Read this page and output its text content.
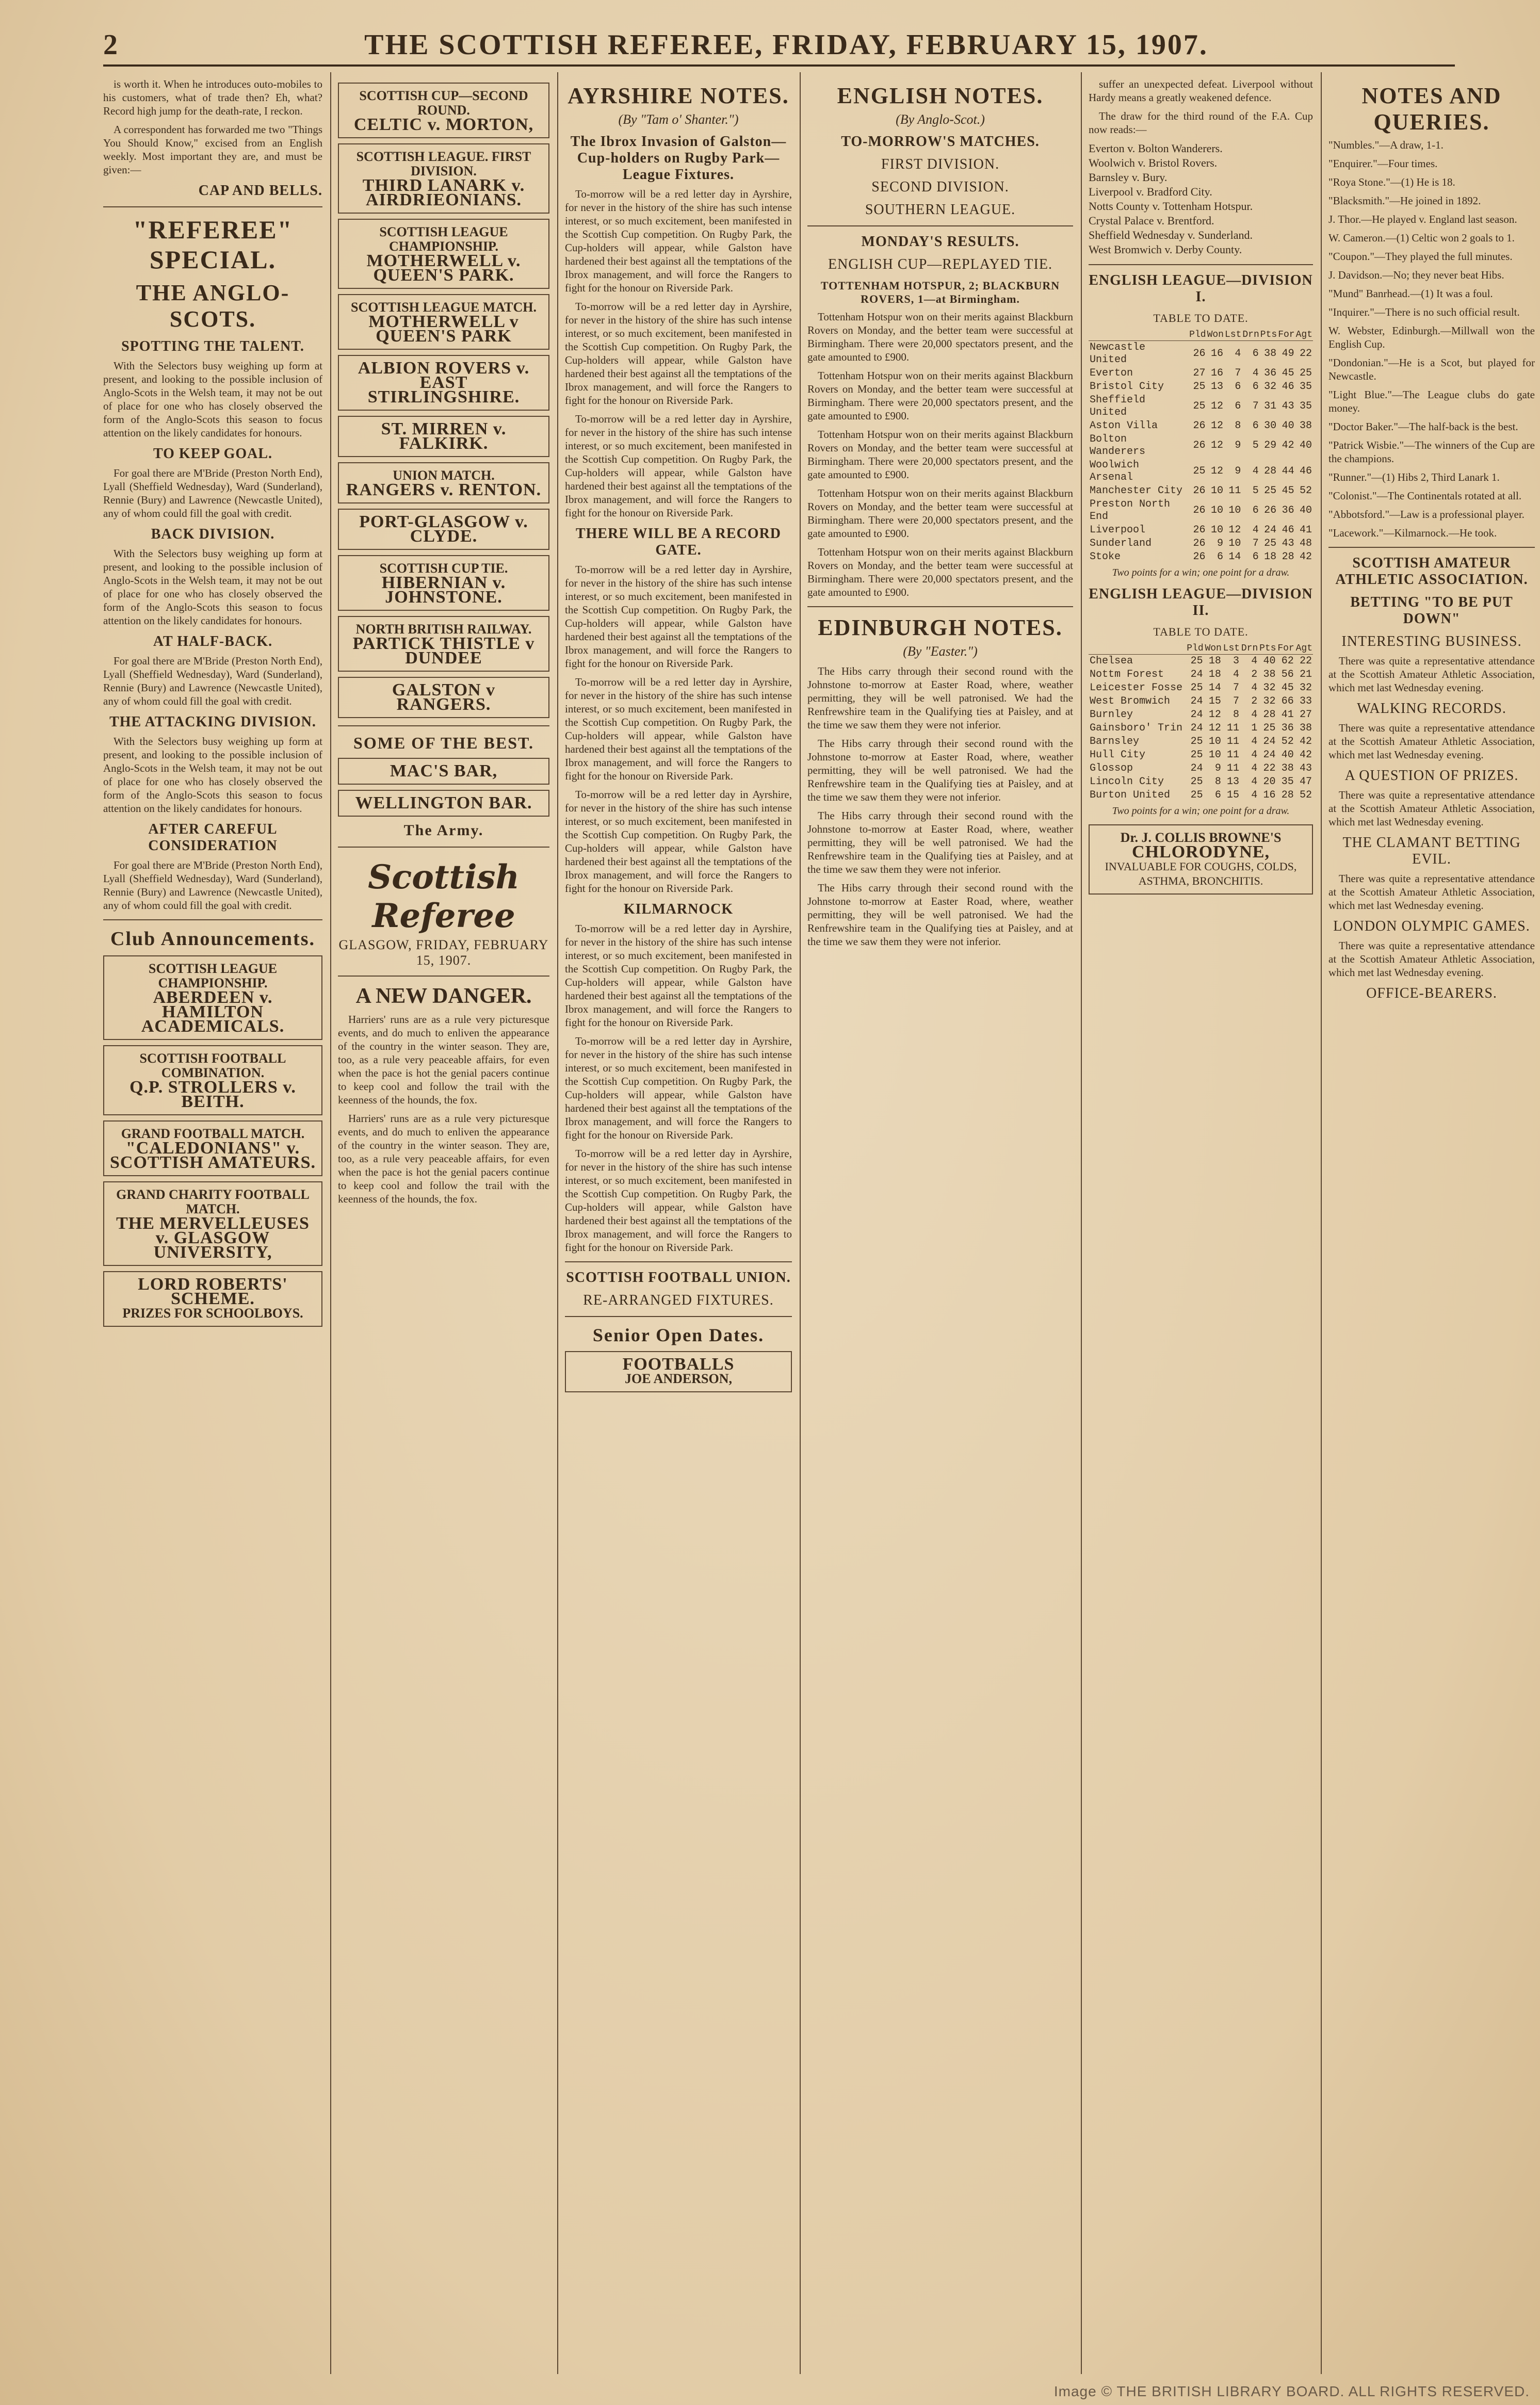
2	THE SCOTTISH REFEREE, FRIDAY, FEBRUARY 15, 1907.

is worth it. When he introduces outo-mobiles to his customers, what of trade then? Eh, what? Record high jump for the death-rate, I reckon.

A correspondent has forwarded me two "Things You Should Know," excised from an English weekly. Most important they are, and must be given:—

CAP AND BELLS.
"REFEREE" SPECIAL.
THE ANGLO-SCOTS.
SPOTTING THE TALENT.

With the Selectors busy weighing up form at present, and looking to the possible inclusion of Anglo-Scots in the Welsh team, it may not be out of place for one who has closely observed the form of the Anglo-Scots this season to focus attention on the likely candidates for honours.

TO KEEP GOAL.

For goal there are M'Bride (Preston North End), Lyall (Sheffield Wednesday), Ward (Sunderland), Rennie (Bury) and Lawrence (Newcastle United), any of whom could fill the goal with credit.

BACK DIVISION.

With the Selectors busy weighing up form at present, and looking to the possible inclusion of Anglo-Scots in the Welsh team, it may not be out of place for one who has closely observed the form of the Anglo-Scots this season to focus attention on the likely candidates for honours.

AT HALF-BACK.

For goal there are M'Bride (Preston North End), Lyall (Sheffield Wednesday), Ward (Sunderland), Rennie (Bury) and Lawrence (Newcastle United), any of whom could fill the goal with credit.

THE ATTACKING DIVISION.

With the Selectors busy weighing up form at present, and looking to the possible inclusion of Anglo-Scots in the Welsh team, it may not be out of place for one who has closely observed the form of the Anglo-Scots this season to focus attention on the likely candidates for honours.

AFTER CAREFUL CONSIDERATION

For goal there are M'Bride (Preston North End), Lyall (Sheffield Wednesday), Ward (Sunderland), Rennie (Bury) and Lawrence (Newcastle United), any of whom could fill the goal with credit.

Club Announcements.
SCOTTISH LEAGUE CHAMPIONSHIP.
ABERDEEN v. HAMILTON ACADEMICALS.
SCOTTISH FOOTBALL COMBINATION.
Q.P. STROLLERS v. BEITH.
GRAND FOOTBALL MATCH.
"CALEDONIANS" v. SCOTTISH AMATEURS.
GRAND CHARITY FOOTBALL MATCH.
THE MERVELLEUSES v. GLASGOW UNIVERSITY,
LORD ROBERTS' SCHEME.
PRIZES FOR SCHOOLBOYS.
SCOTTISH CUP—SECOND ROUND.
CELTIC v. MORTON,
SCOTTISH LEAGUE. FIRST DIVISION.
THIRD LANARK v. AIRDRIEONIANS.
SCOTTISH LEAGUE CHAMPIONSHIP.
MOTHERWELL v. QUEEN'S PARK.
SCOTTISH LEAGUE MATCH.
MOTHERWELL v QUEEN'S PARK
ALBION ROVERS v. EAST STIRLINGSHIRE.
ST. MIRREN v. FALKIRK.
UNION MATCH.
RANGERS v. RENTON.
PORT-GLASGOW v. CLYDE.
SCOTTISH CUP TIE.
HIBERNIAN v. JOHNSTONE.
NORTH BRITISH RAILWAY.
PARTICK THISTLE v DUNDEE
GALSTON v RANGERS.
SOME OF THE BEST.
MAC'S BAR,
WELLINGTON BAR.
The Army.
Scottish Referee
GLASGOW, FRIDAY, FEBRUARY 15, 1907.
A NEW DANGER.

Harriers' runs are as a rule very picturesque events, and do much to enliven the appearance of the country in the winter season. They are, too, as a rule very peaceable affairs, for even when the pace is hot the genial pacers continue to keep cool and follow the trail with the keenness of the hounds, the fox.

Harriers' runs are as a rule very picturesque events, and do much to enliven the appearance of the country in the winter season. They are, too, as a rule very peaceable affairs, for even when the pace is hot the genial pacers continue to keep cool and follow the trail with the keenness of the hounds, the fox.

AYRSHIRE NOTES.
(By "Tam o' Shanter.")
The Ibrox Invasion of Galston—Cup-holders on Rugby Park—League Fixtures.

To-morrow will be a red letter day in Ayrshire, for never in the history of the shire has such intense interest, or so much excitement, been manifested in the Scottish Cup competition. On Rugby Park, the Cup-holders will appear, while Galston have hardened their best against all the temptations of the Ibrox management, and will force the Rangers to fight for the honour on Riverside Park.

To-morrow will be a red letter day in Ayrshire, for never in the history of the shire has such intense interest, or so much excitement, been manifested in the Scottish Cup competition. On Rugby Park, the Cup-holders will appear, while Galston have hardened their best against all the temptations of the Ibrox management, and will force the Rangers to fight for the honour on Riverside Park.

To-morrow will be a red letter day in Ayrshire, for never in the history of the shire has such intense interest, or so much excitement, been manifested in the Scottish Cup competition. On Rugby Park, the Cup-holders will appear, while Galston have hardened their best against all the temptations of the Ibrox management, and will force the Rangers to fight for the honour on Riverside Park.

THERE WILL BE A RECORD GATE.

To-morrow will be a red letter day in Ayrshire, for never in the history of the shire has such intense interest, or so much excitement, been manifested in the Scottish Cup competition. On Rugby Park, the Cup-holders will appear, while Galston have hardened their best against all the temptations of the Ibrox management, and will force the Rangers to fight for the honour on Riverside Park.

To-morrow will be a red letter day in Ayrshire, for never in the history of the shire has such intense interest, or so much excitement, been manifested in the Scottish Cup competition. On Rugby Park, the Cup-holders will appear, while Galston have hardened their best against all the temptations of the Ibrox management, and will force the Rangers to fight for the honour on Riverside Park.

To-morrow will be a red letter day in Ayrshire, for never in the history of the shire has such intense interest, or so much excitement, been manifested in the Scottish Cup competition. On Rugby Park, the Cup-holders will appear, while Galston have hardened their best against all the temptations of the Ibrox management, and will force the Rangers to fight for the honour on Riverside Park.

KILMARNOCK

To-morrow will be a red letter day in Ayrshire, for never in the history of the shire has such intense interest, or so much excitement, been manifested in the Scottish Cup competition. On Rugby Park, the Cup-holders will appear, while Galston have hardened their best against all the temptations of the Ibrox management, and will force the Rangers to fight for the honour on Riverside Park.

To-morrow will be a red letter day in Ayrshire, for never in the history of the shire has such intense interest, or so much excitement, been manifested in the Scottish Cup competition. On Rugby Park, the Cup-holders will appear, while Galston have hardened their best against all the temptations of the Ibrox management, and will force the Rangers to fight for the honour on Riverside Park.

To-morrow will be a red letter day in Ayrshire, for never in the history of the shire has such intense interest, or so much excitement, been manifested in the Scottish Cup competition. On Rugby Park, the Cup-holders will appear, while Galston have hardened their best against all the temptations of the Ibrox management, and will force the Rangers to fight for the honour on Riverside Park.

SCOTTISH FOOTBALL UNION.
RE-ARRANGED FIXTURES.
Senior Open Dates.
FOOTBALLS
JOE ANDERSON,
ENGLISH NOTES.
(By Anglo-Scot.)
TO-MORROW'S MATCHES.
FIRST DIVISION.
SECOND DIVISION.
SOUTHERN LEAGUE.
MONDAY'S RESULTS.
ENGLISH CUP—REPLAYED TIE.
TOTTENHAM HOTSPUR, 2; BLACKBURN ROVERS, 1—at Birmingham.

Tottenham Hotspur won on their merits against Blackburn Rovers on Monday, and the better team were successful at Birmingham. There were 20,000 spectators present, and the gate amounted to £900.

Tottenham Hotspur won on their merits against Blackburn Rovers on Monday, and the better team were successful at Birmingham. There were 20,000 spectators present, and the gate amounted to £900.

Tottenham Hotspur won on their merits against Blackburn Rovers on Monday, and the better team were successful at Birmingham. There were 20,000 spectators present, and the gate amounted to £900.

Tottenham Hotspur won on their merits against Blackburn Rovers on Monday, and the better team were successful at Birmingham. There were 20,000 spectators present, and the gate amounted to £900.

Tottenham Hotspur won on their merits against Blackburn Rovers on Monday, and the better team were successful at Birmingham. There were 20,000 spectators present, and the gate amounted to £900.

EDINBURGH NOTES.
(By "Easter.")

The Hibs carry through their second round with the Johnstone to-morrow at Easter Road, where, weather permitting, they will be well patronised. We had the Renfrewshire team in the Qualifying ties at Paisley, and at the time we saw them they were not inferior.

The Hibs carry through their second round with the Johnstone to-morrow at Easter Road, where, weather permitting, they will be well patronised. We had the Renfrewshire team in the Qualifying ties at Paisley, and at the time we saw them they were not inferior.

The Hibs carry through their second round with the Johnstone to-morrow at Easter Road, where, weather permitting, they will be well patronised. We had the Renfrewshire team in the Qualifying ties at Paisley, and at the time we saw them they were not inferior.

The Hibs carry through their second round with the Johnstone to-morrow at Easter Road, where, weather permitting, they will be well patronised. We had the Renfrewshire team in the Qualifying ties at Paisley, and at the time we saw them they were not inferior.

suffer an unexpected defeat. Liverpool without Hardy means a greatly weakened defence.

The draw for the third round of the F.A. Cup now reads:—

Everton v. Bolton Wanderers.
Woolwich v. Bristol Rovers.
Barnsley v. Bury.
Liverpool v. Bradford City.
Notts County v. Tottenham Hotspur.
Crystal Palace v. Brentford.
Sheffield Wednesday v. Sunderland.
West Bromwich v. Derby County.
ENGLISH LEAGUE—DIVISION I.
TABLE TO DATE.
	Pld	Won	Lst	Drn	Pts	For	Agt
Newcastle United	26	16	4	6	38	49	22
Everton	27	16	7	4	36	45	25
Bristol City	25	13	6	6	32	46	35
Sheffield United	25	12	6	7	31	43	35
Aston Villa	26	12	8	6	30	40	38
Bolton Wanderers	26	12	9	5	29	42	40
Woolwich Arsenal	25	12	9	4	28	44	46
Manchester City	26	10	11	5	25	45	52
Preston North End	26	10	10	6	26	36	40
Liverpool	26	10	12	4	24	46	41
Sunderland	26	9	10	7	25	43	48
Stoke	26	6	14	6	18	28	42
Two points for a win; one point for a draw.
ENGLISH LEAGUE—DIVISION II.
TABLE TO DATE.
	Pld	Won	Lst	Drn	Pts	For	Agt
Chelsea	25	18	3	4	40	62	22
Nottm Forest	24	18	4	2	38	56	21
Leicester Fosse	25	14	7	4	32	45	32
West Bromwich	24	15	7	2	32	66	33
Burnley	24	12	8	4	28	41	27
Gainsboro' Trin	24	12	11	1	25	36	38
Barnsley	25	10	11	4	24	52	42
Hull City	25	10	11	4	24	40	42
Glossop	24	9	11	4	22	38	43
Lincoln City	25	8	13	4	20	35	47
Burton United	25	6	15	4	16	28	52
Two points for a win; one point for a draw.
Dr. J. COLLIS BROWNE'S
CHLORODYNE,
INVALUABLE FOR COUGHS, COLDS, ASTHMA, BRONCHITIS.
NOTES AND QUERIES.

"Numbles."—A draw, 1-1.

"Enquirer."—Four times.

"Roya Stone."—(1) He is 18.

"Blacksmith."—He joined in 1892.

J. Thor.—He played v. England last season.

W. Cameron.—(1) Celtic won 2 goals to 1.

"Coupon."—They played the full minutes.

J. Davidson.—No; they never beat Hibs.

"Mund" Banrhead.—(1) It was a foul.

"Inquirer."—There is no such official result.

W. Webster, Edinburgh.—Millwall won the English Cup.

"Dondonian."—He is a Scot, but played for Newcastle.

"Light Blue."—The League clubs do gate money.

"Doctor Baker."—The half-back is the best.

"Patrick Wisbie."—The winners of the Cup are the champions.

"Runner."—(1) Hibs 2, Third Lanark 1.

"Colonist."—The Continentals rotated at all.

"Abbotsford."—Law is a professional player.

"Lacework."—Kilmarnock.—He took.

SCOTTISH AMATEUR ATHLETIC ASSOCIATION.
BETTING "TO BE PUT DOWN"
INTERESTING BUSINESS.

There was quite a representative attendance at the Scottish Amateur Athletic Association, which met last Wednesday evening.

WALKING RECORDS.

There was quite a representative attendance at the Scottish Amateur Athletic Association, which met last Wednesday evening.

A QUESTION OF PRIZES.

There was quite a representative attendance at the Scottish Amateur Athletic Association, which met last Wednesday evening.

THE CLAMANT BETTING EVIL.

There was quite a representative attendance at the Scottish Amateur Athletic Association, which met last Wednesday evening.

LONDON OLYMPIC GAMES.

There was quite a representative attendance at the Scottish Amateur Athletic Association, which met last Wednesday evening.

OFFICE-BEARERS.
Image © THE BRITISH LIBRARY BOARD. ALL RIGHTS RESERVED.
